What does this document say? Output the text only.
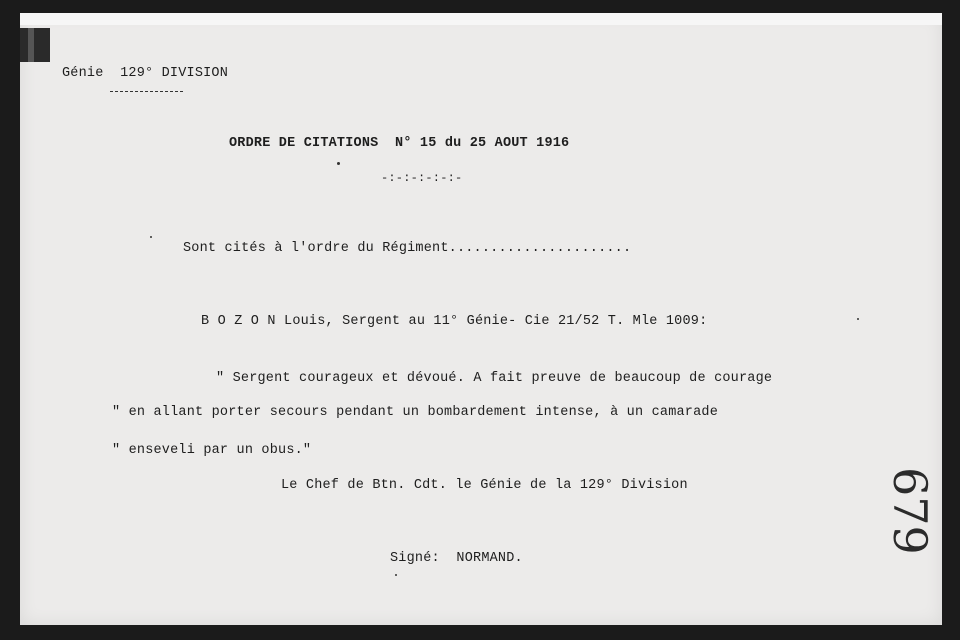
Génie  129° DIVISION
ORDRE DE CITATIONS  N° 15 du 25 AOUT 1916
-:-:-:-:-:-
Sont cités à l'ordre du Régiment......................
B O Z O N Louis, Sergent au 11° Génie- Cie 21/52 T. Mle 1009:
" Sergent courageux et dévoué. A fait preuve de beaucoup de courage
" en allant porter secours pendant un bombardement intense, à un camarade
" enseveli par un obus."
Le Chef de Btn. Cdt. le Génie de la 129° Division
Signé:  NORMAND.
679
